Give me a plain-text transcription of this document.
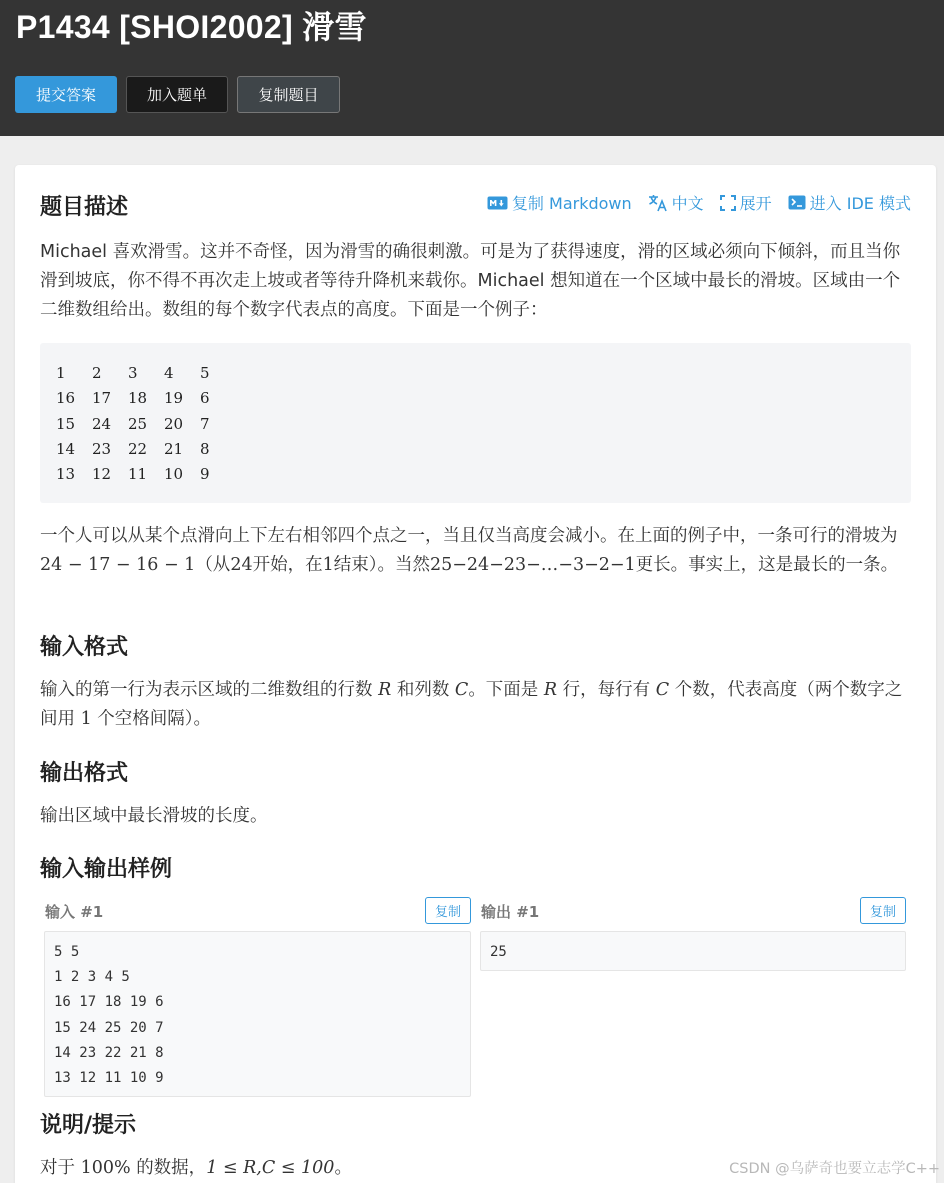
P1434 [SHOI2002] 滑雪
提交答案	加入题单	复制题目
题目描述	复制 Markdown	中文 展开 进入 IDE 模式
Michael 喜欢滑雪。这并不奇怪，因为滑雪的确很刺激。可是为了获得速度，滑的区域必须向下倾斜，而且当你滑到坡底，你不得不再次走上坡或者等待升降机来载你。Michael 想知道在一个区域中最长的滑坡。区域由一个二维数组给出。数组的每个数字代表点的高度。下面是一个例子：
1	2	3	4	5
16	17	18	19	6
15	24	25	20	7
14	23	22	21	8
13	12	11	10	9
一个人可以从某个点滑向上下左右相邻四个点之一，当且仅当高度会减小。在上面的例子中，一条可行的滑坡为24 − 17 − 16 − 1（从24开始，在1结束）。当然25−24−23−…−3−2−1更长。事实上，这是最长的一条。
输入格式
输入的第一行为表示区域的二维数组的行数 R 和列数 C。下面是 R 行，每行有 C 个数，代表高度（两个数字之间用 1 个空格间隔）。
输出格式
输出区域中最长滑坡的长度。
输入输出样例
输入 #1	复制
5 5
1 2 3 4 5
16 17 18 19 6
15 24 25 20 7
14 23 22 21 8
13 12 11 10 9
输出 #1	复制
25
说明/提示
对于 100% 的数据，1 ≤ R,C ≤ 100。	CSDN @乌萨奇也要立志学C++
